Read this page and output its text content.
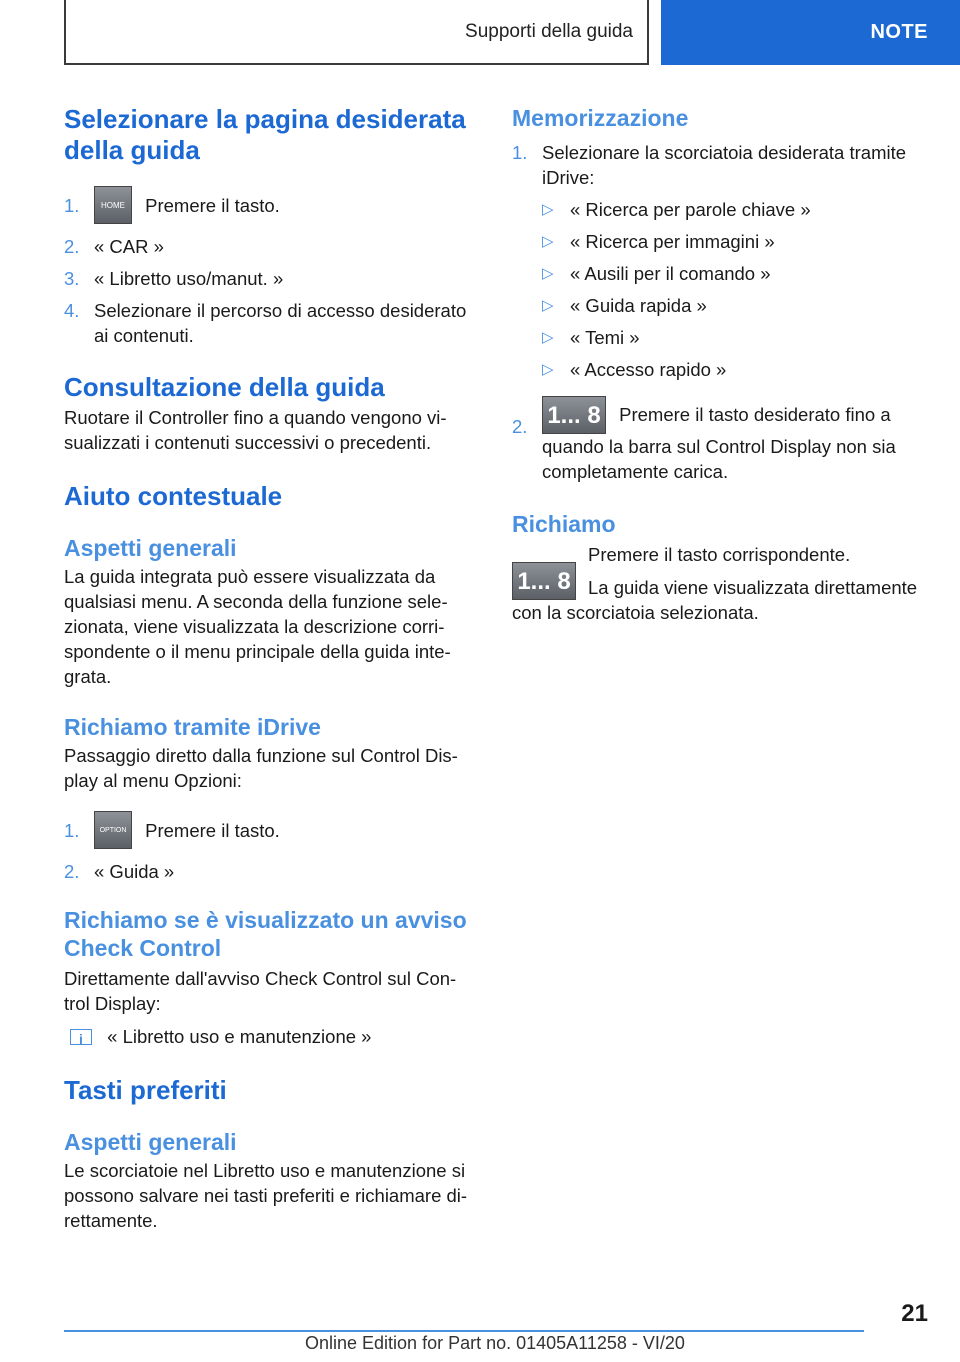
Supporti della guida	NOTE
Selezionare la pagina desiderata della guida
1.	HOME Premere il tasto.
2. « CAR »
3. « Libretto uso/manut. »
4. Selezionare il percorso di accesso desiderato ai contenuti.
Consultazione della guida
Ruotare il Controller fino a quando vengono vi-sualizzati i contenuti successivi o precedenti.
Aiuto contestuale
Aspetti generali
La guida integrata può essere visualizzata da qualsiasi menu. A seconda della funzione sele-zionata, viene visualizzata la descrizione corri-spondente o il menu principale della guida inte-grata.
Richiamo tramite iDrive
Passaggio diretto dalla funzione sul Control Dis-play al menu Opzioni:
1.	OPTION Premere il tasto.
2. « Guida »
Richiamo se è visualizzato un avviso Check Control
Direttamente dall'avviso Check Control sul Con-trol Display:
i « Libretto uso e manutenzione »
Tasti preferiti
Aspetti generali
Le scorciatoie nel Libretto uso e manutenzione si possono salvare nei tasti preferiti e richiamare di-rettamente.
Memorizzazione
1. Selezionare la scorciatoia desiderata tramite iDrive:
▷ « Ricerca per parole chiave »
▷ « Ricerca per immagini »
▷ « Ausili per il comando »
▷ « Guida rapida »
▷ « Temi »
▷ « Accesso rapido »
2. 1... 8 Premere il tasto desiderato fino a quando la barra sul Control Display non sia completamente carica.
Richiamo
1... 8
Premere il tasto corrispondente.
La guida viene visualizzata direttamente con la scorciatoia selezionata.
21
Online Edition for Part no. 01405A11258 - VI/20
